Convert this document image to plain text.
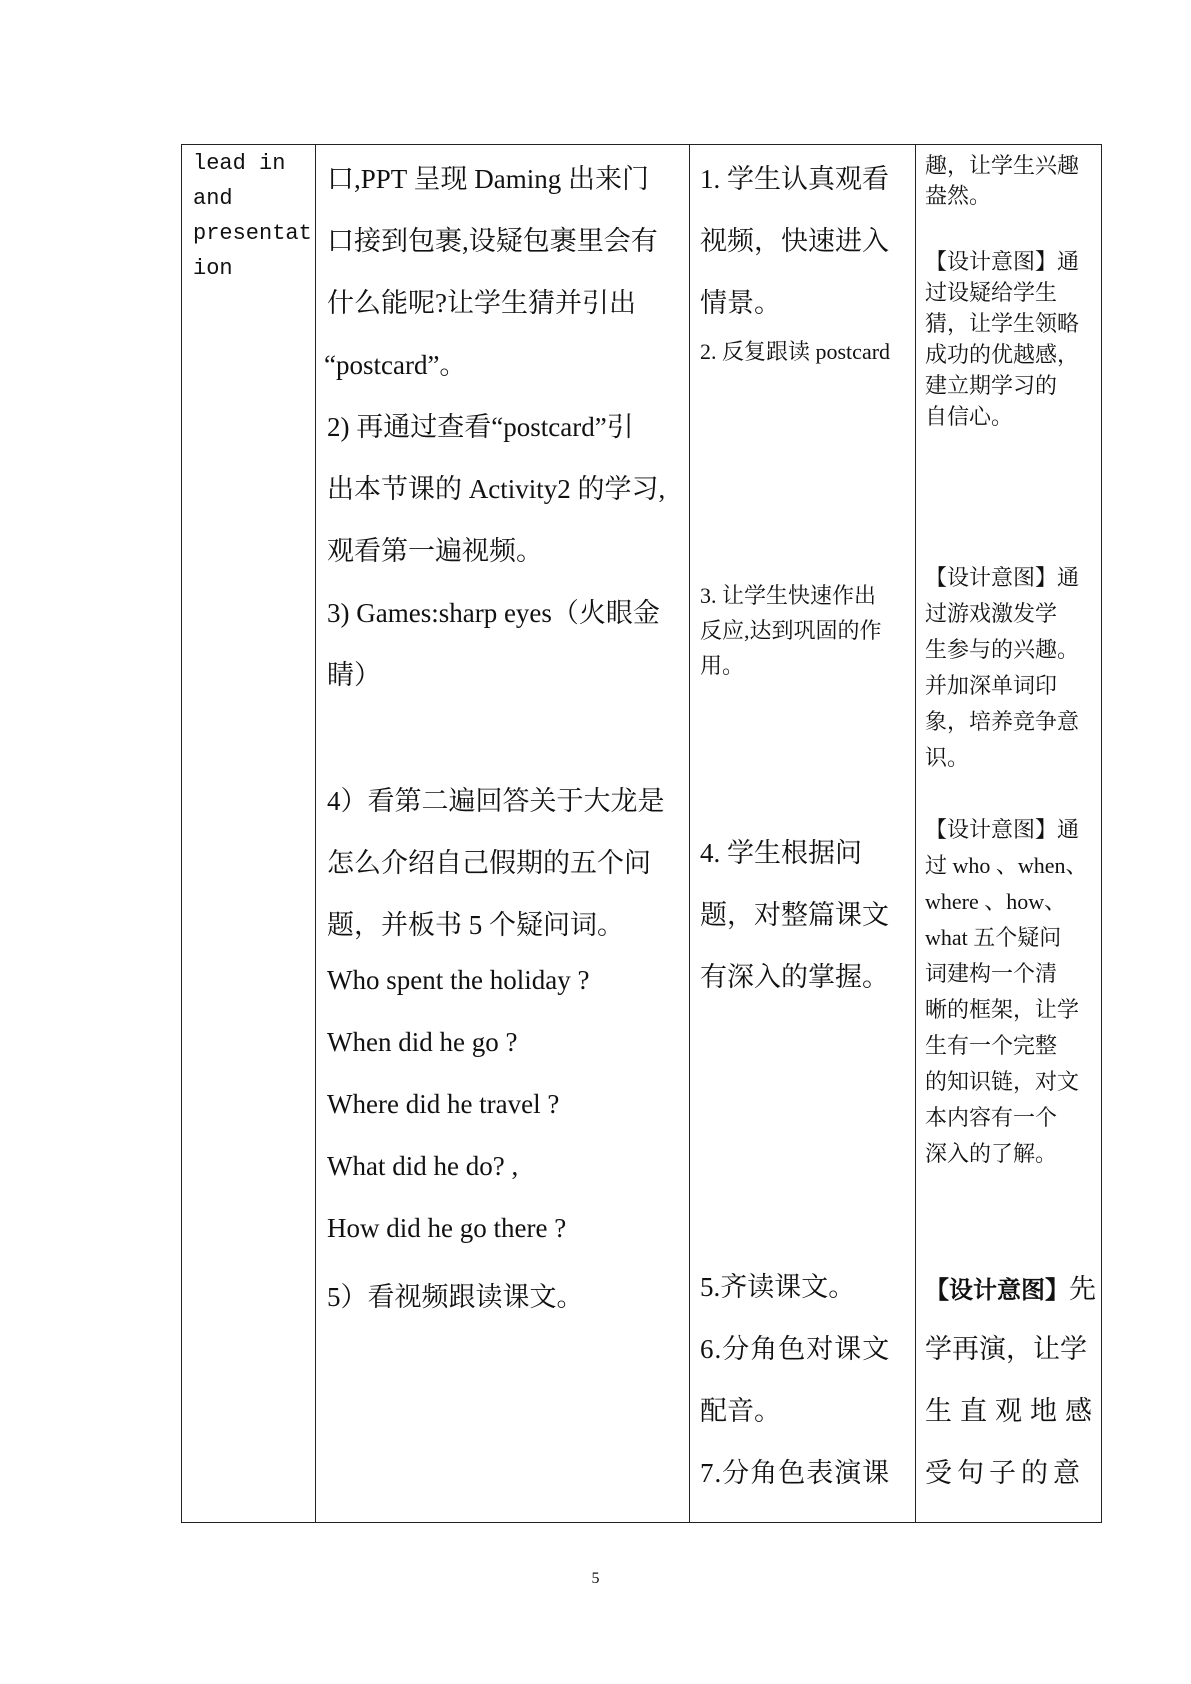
lead in
and
presentat
ion
口,PPT 呈现 Daming 出来门
口接到包裹,设疑包裹里会有
什么能呢?让学生猜并引出
“postcard”。
2) 再通过查看“postcard”引
出本节课的 Activity2 的学习,
观看第一遍视频。
3) Games:sharp eyes（火眼金
睛）
4）看第二遍回答关于大龙是
怎么介绍自己假期的五个问
题，并板书 5 个疑问词。
Who spent the holiday ?
When did he go ?
Where did he travel ?
What did he do? ,
How did he go there ?
5）看视频跟读课文。
1. 学生认真观看
视频，快速进入
情景。
2. 反复跟读 postcard
3. 让学生快速作出
反应,达到巩固的作
用。
4. 学生根据问
题，对整篇课文
有深入的掌握。
5.齐读课文。
6.分角色对课文
配音。
7.分角色表演课
趣，让学生兴趣
盎然。
【设计意图】通
过设疑给学生
猜，让学生领略
成功的优越感，
建立期学习的
自信心。
【设计意图】通
过游戏激发学
生参与的兴趣。
并加深单词印
象，培养竞争意
识。
【设计意图】通
过 who 、when、
where 、how、
what 五个疑问
词建构一个清
晰的框架，让学
生有一个完整
的知识链，对文
本内容有一个
深入的了解。
【设计意图】先
学再演，让学
生直观地感
受句子的意
5
